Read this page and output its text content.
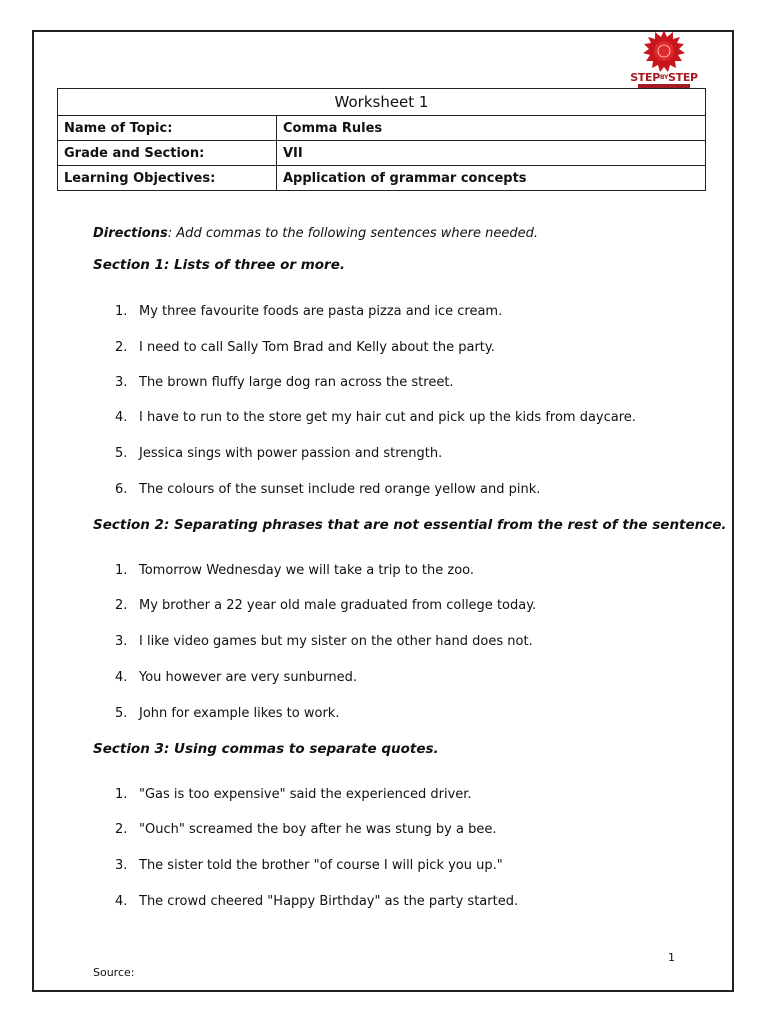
STEPBYSTEP
Worksheet 1	
Name of Topic:	Comma Rules
Grade and Section:	VII
Learning Objectives:	Application of grammar concepts
Directions: Add commas to the following sentences where needed.
Section 1: Lists of three or more.
1. My three favourite foods are pasta pizza and ice cream.
2. I need to call Sally Tom Brad and Kelly about the party.
3. The brown fluffy large dog ran across the street.
4. I have to run to the store get my hair cut and pick up the kids from daycare.
5. Jessica sings with power passion and strength.
6. The colours of the sunset include red orange yellow and pink.
Section 2: Separating phrases that are not essential from the rest of the sentence.
1. Tomorrow Wednesday we will take a trip to the zoo.
2. My brother a 22 year old male graduated from college today.
3. I like video games but my sister on the other hand does not.
4. You however are very sunburned.
5. John for example likes to work.
Section 3: Using commas to separate quotes.
1. "Gas is too expensive" said the experienced driver.
2. "Ouch" screamed the boy after he was stung by a bee.
3. The sister told the brother "of course I will pick you up."
4. The crowd cheered "Happy Birthday" as the party started.
1
Source:
